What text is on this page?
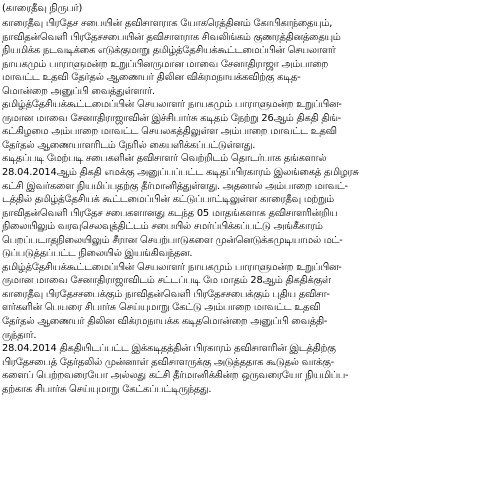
(காரைதீவு நிருபர்)
காரைதீவு பிரதேச சபையின் தவிசாளராக யோகரெத்தினம் கோபிகாந்தையும்,
நாவிதன்வெளி பிரதேசசபையின் தவிசாளராக சிவலிங்கம் குணரத்தினத்தையும்
நியமிக்க நடவடிக்கை எடுக்குமாறு தமிழ்த்தேசியக்கூட்டமைப்பின் செயலாளர்
நாயகமும் பாராளுமன்ற உறுப்பினருமான மாவை சேனாதிராஜா அம்பாறை
மாவட்ட உதவி தேர்தல் ஆணையர் திலின விக்ரமநாயக்கவிற்கு கடித-
மொன்றை அனுப்பி வைத்துள்ளார்.
தமிழ்த்தேசியக்கூட்டமைப்பின் செயலாளர் நாயகமும் பாராளுமன்ற உறுப்பின-
ருமான மாவை சேனாதிராஜாவின் இச்சிபார்சு கடிதம் நேற்று 26ஆம் திகதி திங்-
கட்கிழமை அம்பாறை மாவட்ட செயலகத்திலுள்ள அம்பாறை மாவட்ட உதவி
தேர்தல் ஆணையாளரிடம் நேரில் கையளிக்கப்பட்டுள்ளது.
கடிதப்படி மேற்படி சபைகளின் தவிசாளர் வெற்றிடம் தொடர்பாக தங்களால்
28.04.2014ஆம் திகதி எமக்கு அனுப்பப்பட்ட கடிதப்பிரகாரம் இலங்கைத் தமிழரசு
கட்சி இவர்களை நியமிப்பதற்கு தீர்மானித்துள்ளது. அதனால் அம்பாறை மாவட்-
டத்தில் தமிழ்த்தேசியக் கூட்டமைப்பின் கட்டுப்பாட்டிலுள்ள காரைதீவு மற்றும்
நாவிதன்வெளி பிரதேச சபைகளானது கடந்த 05 மாதங்களாக தவிசாளரின்றிய
நிலையிலும் வரவுசெலவுத்திட்டம் சபையில் சமர்ப்பிக்கப்பட்டு அங்கீகாரம்
பெறப்படாதநிலையிலும் சீரான செயற்பாடுகளை முன்னெடுக்கமுடியாமல் மட்-
டுப்படுத்தப்பட்ட நிலையில் இயங்கிவந்தன.
தமிழ்த்தேசியக்கூட்டமைப்பின் செயலாளர் நாயகமும் பாராளுமன்ற உறுப்பின-
ருமான மாவை சேனாதிராஜாவிடம் சட்டப்படி மே மாதம் 28ஆம் திகதிக்குள்
காரைதீவு பிரதேசசபைக்கும் நாவிதன்வெளி பிரதேசசபைக்கும் புதிய தவிசா-
ளர்களின் பெயரை சிபார்சு செய்யுமாறு கேட்டு அம்பாறை மாவட்ட உதவி
தேர்தல் ஆணையர் திலின விக்ரமநாயக்க கடிதமொன்றை அனுப்பி வைத்தி-
ருந்தார்.
28.04.2014 திகதியிடப்பட்ட இக்கடிதத்தின் பிரகாரம் தவிசாளரின் இடத்திற்கு
பிரதேசபைத் தேர்தலில் முன்னாள் தவிசாளருக்கு அடுத்ததாக கூடுதல் வாக்கு-
களைப் பெற்றவரையோ அல்லது கட்சி தீர்மானிக்கின்ற ஒருவரையோ நியமிப்ப-
தற்காக சிபார்சு செய்யுமாறு கேட்கப்பட்டிருந்தது.
